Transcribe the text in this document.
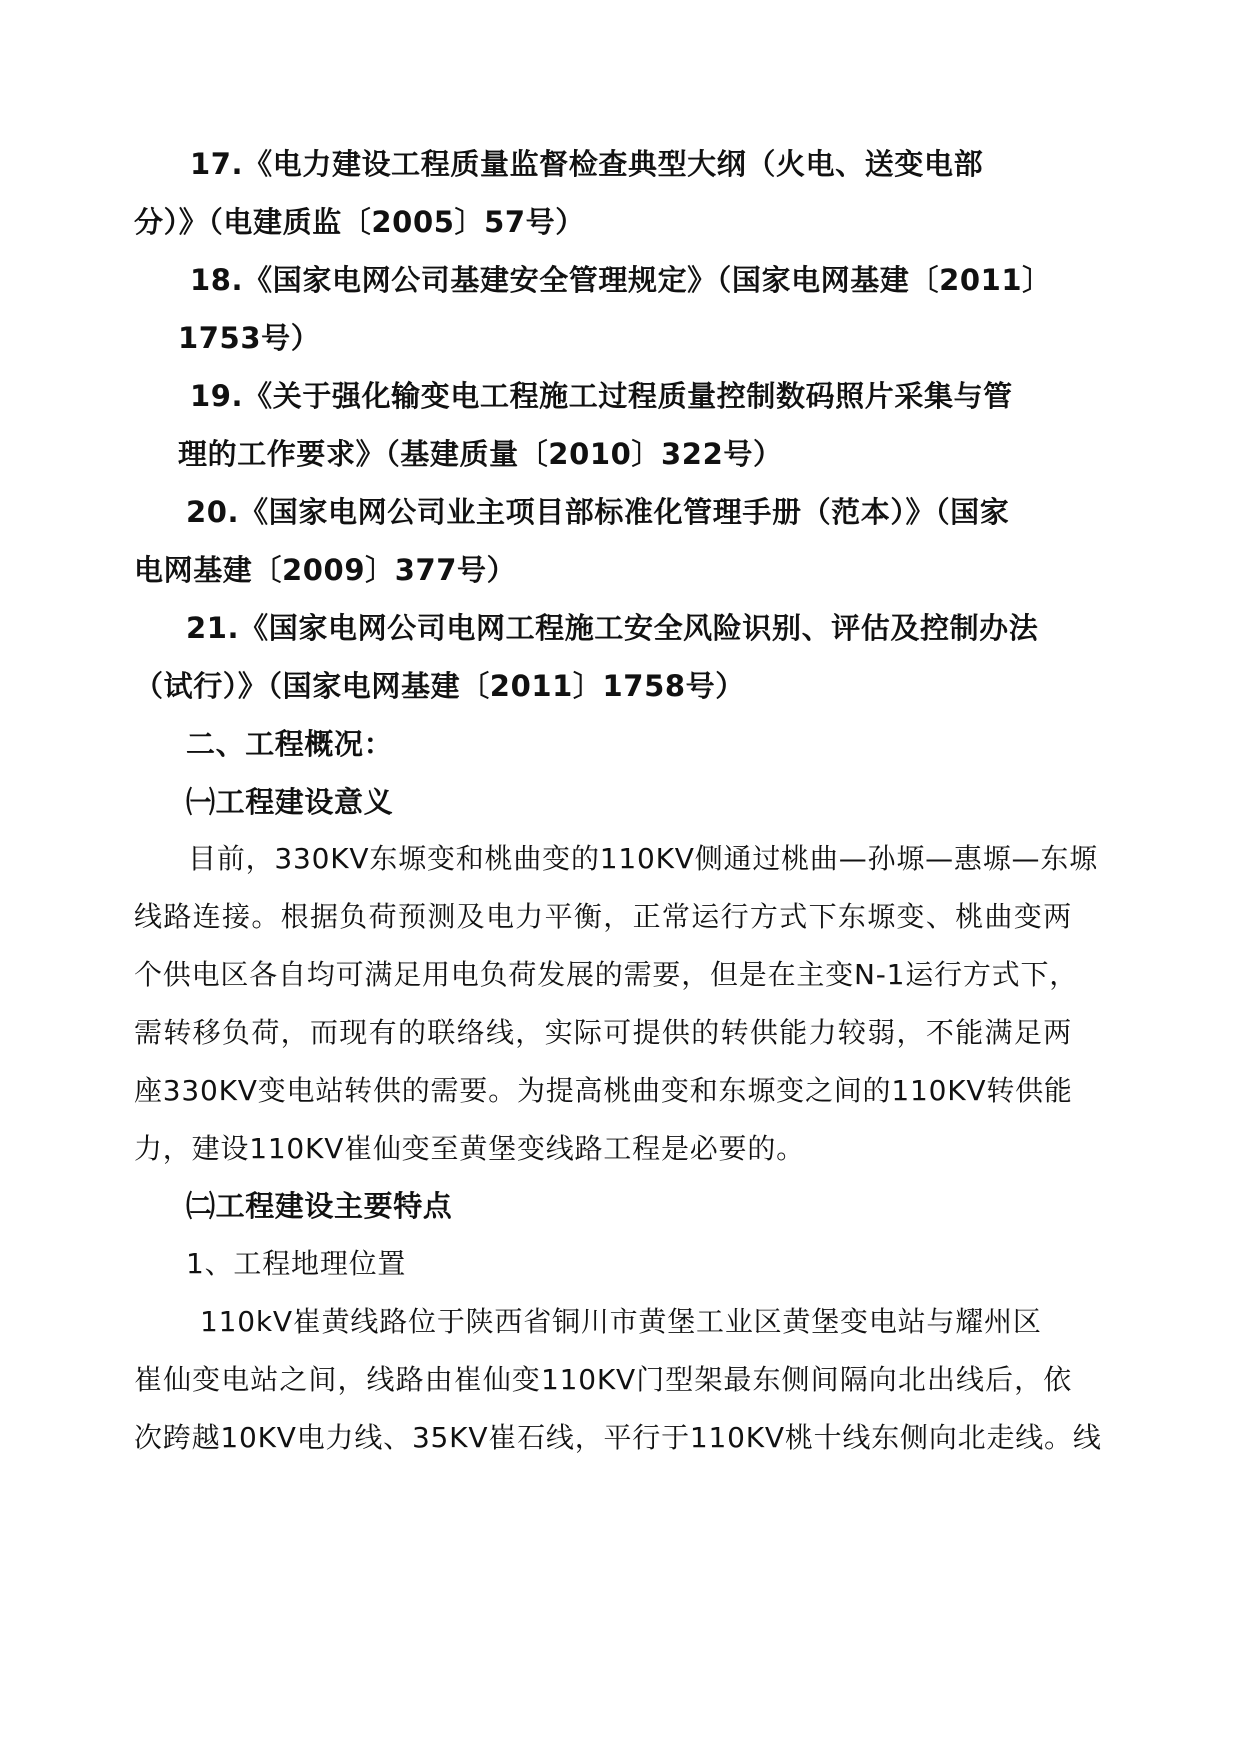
17.《电力建设工程质量监督检查典型大纲（火电、送变电部
分）》（电建质监〔2005〕57号）
18.《国家电网公司基建安全管理规定》（国家电网基建〔2011〕
1753号）
19.《关于强化输变电工程施工过程质量控制数码照片采集与管
理的工作要求》（基建质量〔2010〕322号）
20.《国家电网公司业主项目部标准化管理手册（范本）》（国家
电网基建〔2009〕377号）
21.《国家电网公司电网工程施工安全风险识别、评估及控制办法
（试行）》（国家电网基建〔2011〕1758号）
二、工程概况：
㈠工程建设意义
目前，330KV东塬变和桃曲变的110KV侧通过桃曲—孙塬—惠塬—东塬
线路连接。根据负荷预测及电力平衡，正常运行方式下东塬变、桃曲变两
个供电区各自均可满足用电负荷发展的需要，但是在主变N-1运行方式下，
需转移负荷，而现有的联络线，实际可提供的转供能力较弱，不能满足两
座330KV变电站转供的需要。为提高桃曲变和东塬变之间的110KV转供能
力，建设110KV崔仙变至黄堡变线路工程是必要的。
㈡工程建设主要特点
1、工程地理位置
110kV崔黄线路位于陕西省铜川市黄堡工业区黄堡变电站与耀州区
崔仙变电站之间，线路由崔仙变110KV门型架最东侧间隔向北出线后，依
次跨越10KV电力线、35KV崔石线，平行于110KV桃十线东侧向北走线。线
